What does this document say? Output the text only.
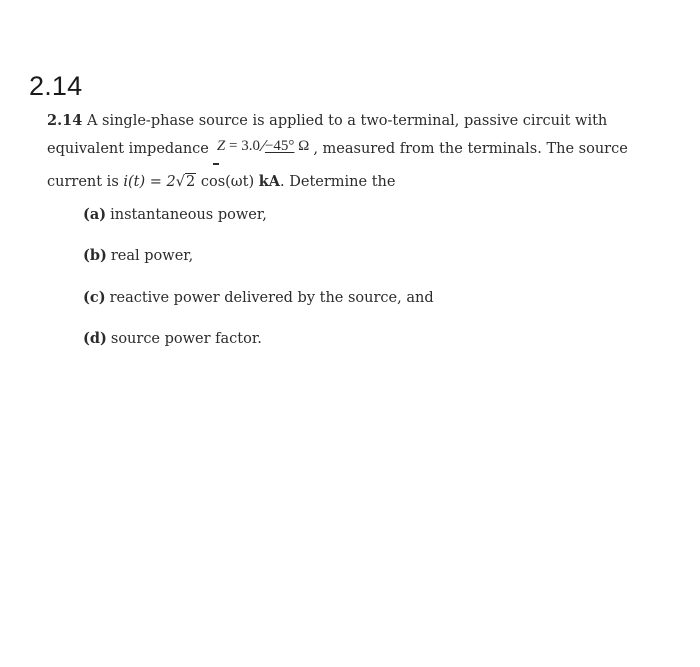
2.14
2.14 A single-phase source is applied to a two-terminal, passive circuit with
equivalent impedance Z = 3.0 −45° Ω , measured from the terminals. The source
current is i(t) = 2√2 cos(ωt) kA. Determine the
(a) instantaneous power,
(b) real power,
(c) reactive power delivered by the source, and
(d) source power factor.
